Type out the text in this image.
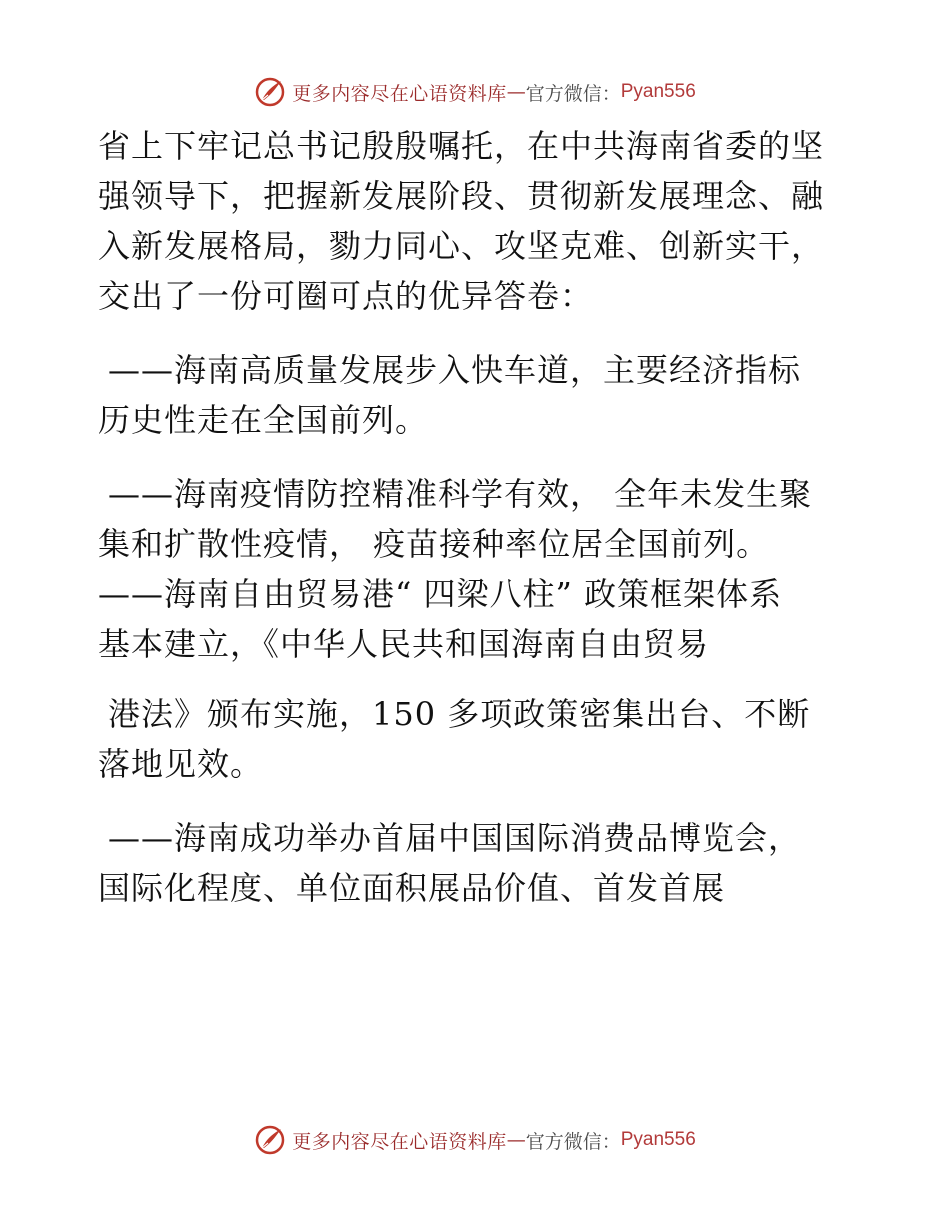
更多内容尽在心语资料库 — 官方微信： Pyan556
省上下牢记总书记殷殷嘱托，在中共海南省委的坚
强领导下，把握新发展阶段、贯彻新发展理念、融
入新发展格局，勠力同心、攻坚克难、创新实干，
交出了一份可圈可点的优异答卷：
——海南高质量发展步入快车道，主要经济指标
历史性走在全国前列。
——海南疫情防控精准科学有效， 全年未发生聚
集和扩散性疫情， 疫苗接种率位居全国前列。
——海南自由贸易港“ 四梁八柱” 政策框架体系
基本建立，《中华人民共和国海南自由贸易
港法》颁布实施，150 多项政策密集出台、不断
落地见效。
——海南成功举办首届中国国际消费品博览会，
国际化程度、单位面积展品价值、首发首展
更多内容尽在心语资料库 — 官方微信： Pyan556
